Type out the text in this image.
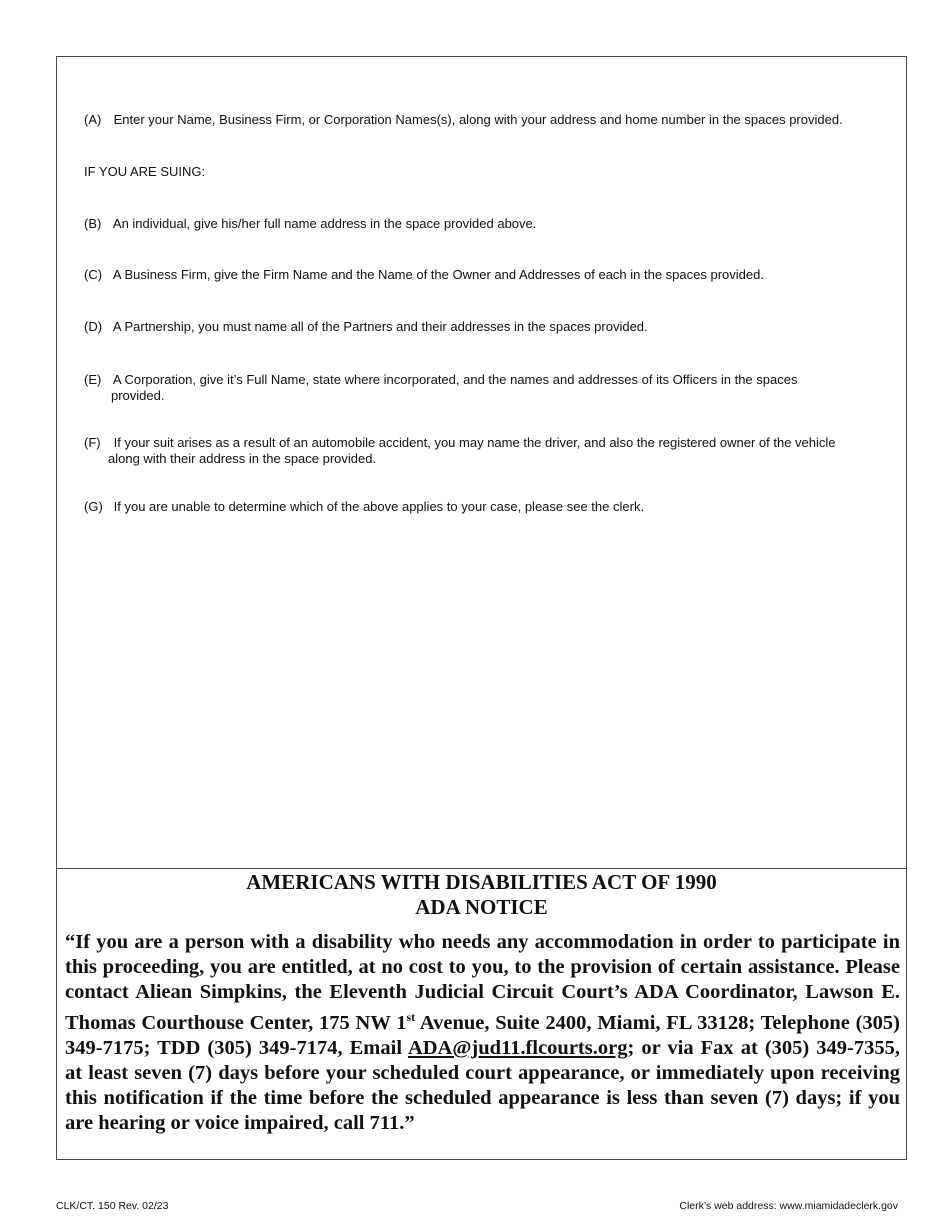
(A) Enter your Name, Business Firm, or Corporation Names(s), along with your address and home number in the spaces provided.

IF YOU ARE SUING:

(B) An individual, give his/her full name address in the space provided above.

(C) A Business Firm, give the Firm Name and the Name of the Owner and Addresses of each in the spaces provided.

(D) A Partnership, you must name all of the Partners and their addresses in the spaces provided.

(E) A Corporation, give it’s Full Name, state where incorporated, and the names and addresses of its Officers in the spaces
provided.

(F) If your suit arises as a result of an automobile accident, you may name the driver, and also the registered owner of the vehicle
along with their address in the space provided.

(G) If you are unable to determine which of the above applies to your case, please see the clerk.

AMERICANS WITH DISABILITIES ACT OF 1990

ADA NOTICE

“If you are a person with a disability who needs any accommodation in order to participate in this proceeding, you are entitled, at no cost to you, to the provision of certain assistance. Please contact Aliean Simpkins, the Eleventh Judicial Circuit Court’s ADA Coordinator, Lawson E. Thomas Courthouse Center, 175 NW 1st Avenue, Suite 2400, Miami, FL 33128; Telephone (305) 349-7175; TDD (305) 349-7174, Email ADA@jud11.flcourts.org; or via Fax at (305) 349-7355, at least seven (7) days before your scheduled court appearance, or immediately upon receiving this notification if the time before the scheduled appearance is less than seven (7) days; if you are hearing or voice impaired, call 711.”

CLK/CT. 150 Rev. 02/23	Clerk’s web address: www.miamidadeclerk.gov
